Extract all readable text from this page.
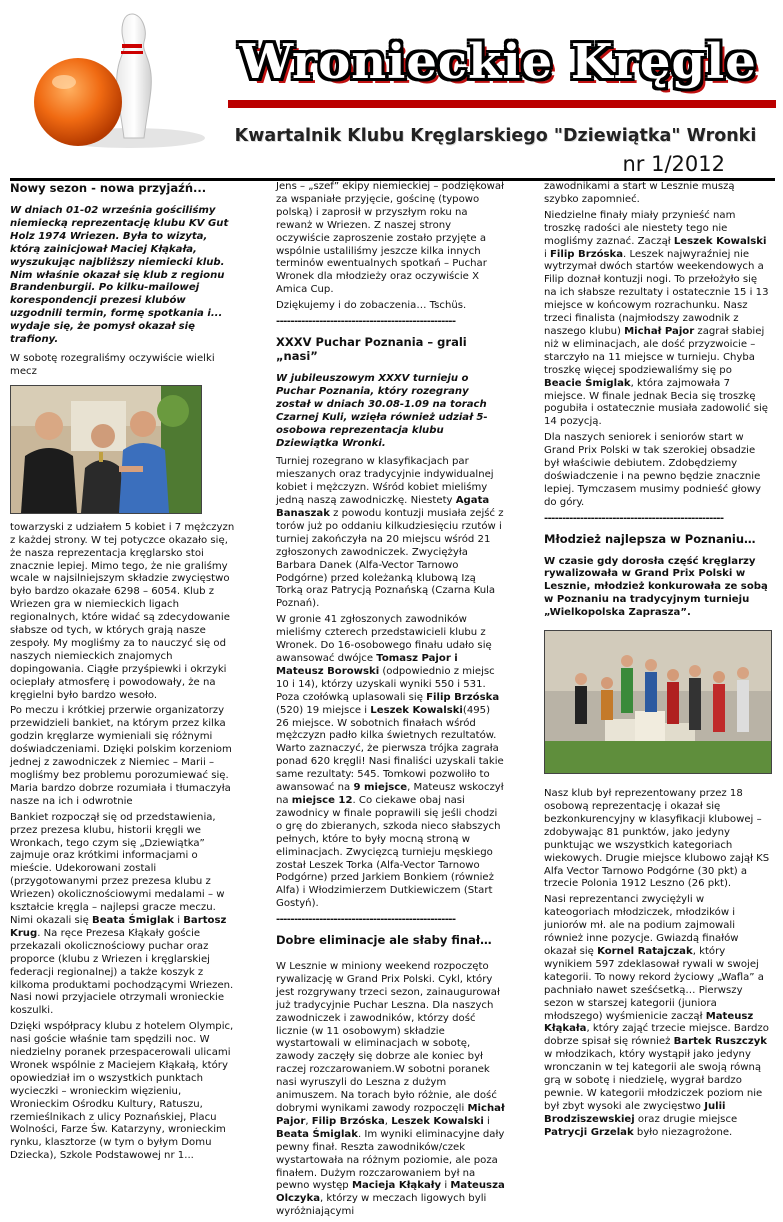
Wronieckie Kręgle
Kwartalnik Klubu Kręglarskiego "Dziewiątka" Wronki
nr 1/2012
Nowy sezon - nowa przyjaźń...

W dniach 01-02 września gościliśmy niemiecką reprezentację klubu KV Gut Holz 1974 Wriezen. Była to wizyta, którą zainicjował Maciej Kłąkała, wyszukując najbliższy niemiecki klub. Nim właśnie okazał się klub z regionu Brandenburgii. Po kilku-mailowej korespondencji prezesi klubów uzgodnili termin, formę spotkania i... wydaje się, że pomysł okazał się trafiony.

W sobotę rozegraliśmy oczywiście wielki mecz

towarzyski z udziałem 5 kobiet i 7 mężczyzn z każdej strony. W tej potyczce okazało się, że nasza reprezentacja kręglarsko stoi znacznie lepiej. Mimo tego, że nie graliśmy wcale w najsilniejszym składzie zwycięstwo było bardzo okazałe 6298 – 6054. Klub z Wriezen gra w niemieckich ligach regionalnych, które widać są zdecydowanie słabsze od tych, w których grają nasze zespoły. My mogliśmy za to nauczyć się od naszych niemieckich znajomych dopingowania. Ciągłe przyśpiewki i okrzyki ocieplały atmosferę i powodowały, że na kręgielni było bardzo wesoło.

Po meczu i krótkiej przerwie organizatorzy przewidzieli bankiet, na którym przez kilka godzin kręglarze wymieniali się różnymi doświadczeniami. Dzięki polskim korzeniom jednej z zawodniczek z Niemiec – Marii – mogliśmy bez problemu porozumiewać się. Maria bardzo dobrze rozumiała i tłumaczyła nasze na ich i odwrotnie

Bankiet rozpoczął się od przedstawienia, przez prezesa klubu, historii kręgli we Wronkach, tego czym się „Dziewiątka” zajmuje oraz krótkimi informacjami o mieście. Udekorowani zostali (przygotowanymi przez prezesa klubu z Wriezen) okolicznościowymi medalami – w kształcie kręgla – najlepsi gracze meczu. Nimi okazali się Beata Śmiglak i Bartosz Krug. Na ręce Prezesa Kłąkały goście przekazali okolicznościowy puchar oraz proporce (klubu z Wriezen i kręglarskiej federacji regionalnej) a także koszyk z kilkoma produktami pochodzącymi Wriezen. Nasi nowi przyjaciele otrzymali wronieckie koszulki.

Dzięki współpracy klubu z hotelem Olympic, nasi goście właśnie tam spędzili noc. W niedzielny poranek przespacerowali ulicami Wronek wspólnie z Maciejem Kłąkałą, który opowiedział im o wszystkich punktach wycieczki – wronieckim więzieniu, Wronieckim Ośrodku Kultury, Ratuszu, rzemieślnikach z ulicy Poznańskiej, Placu Wolności, Farze Św. Katarzyny, wronieckim rynku, klasztorze (w tym o byłym Domu Dziecka), Szkole Podstawowej nr 1...

Jens – „szef” ekipy niemieckiej – podziękował za wspaniałe przyjęcie, gościnę (typowo polską) i zaprosił w przyszłym roku na rewanż w Wriezen. Z naszej strony oczywiście zaproszenie zostało przyjęte a wspólnie ustaliliśmy jeszcze kilka innych terminów ewentualnych spotkań – Puchar Wronek dla młodzieży oraz oczywiście X Amica Cup.

Dziękujemy i do zobaczenia… Tschüs.

--------------------------------------------------
XXXV Puchar Poznania – grali „nasi”

W jubileuszowym XXXV turnieju o Puchar Poznania, który rozegrany został w dniach 30.08-1.09 na torach Czarnej Kuli, wzięła również udział 5-osobowa reprezentacja klubu Dziewiątka Wronki.

Turniej rozegrano w klasyfikacjach par mieszanych oraz tradycyjnie indywidualnej kobiet i mężczyzn. Wśród kobiet mieliśmy jedną naszą zawodniczkę. Niestety Agata Banaszak z powodu kontuzji musiała zejść z torów już po oddaniu kilkudziesięciu rzutów i turniej zakończyła na 20 miejscu wśród 21 zgłoszonych zawodniczek. Zwyciężyła Barbara Danek (Alfa-Vector Tarnowo Podgórne) przed koleżanką klubową Izą Torką oraz Patrycją Poznańską (Czarna Kula Poznań).

W gronie 41 zgłoszonych zawodników mieliśmy czterech przedstawicieli klubu z Wronek. Do 16-osobowego finału udało się awansować dwójce Tomasz Pajor i Mateusz Borowski (odpowiednio z miejsc 10 i 14), którzy uzyskali wyniki 550 i 531. Poza czołówką uplasowali się Filip Brzóska (520) 19 miejsce i Leszek Kowalski(495) 26 miejsce. W sobotnich finałach wśród mężczyzn padło kilka świetnych rezultatów. Warto zaznaczyć, że pierwsza trójka zagrała ponad 620 kręgli! Nasi finaliści uzyskali takie same rezultaty: 545. Tomkowi pozwoliło to awansować na 9 miejsce, Mateusz wskoczył na miejsce 12. Co ciekawe obaj nasi zawodnicy w finale poprawili się jeśli chodzi o grę do zbieranych, szkoda nieco słabszych pełnych, które to były mocną stroną w eliminacjach. Zwycięzcą turnieju męskiego został Leszek Torka (Alfa-Vector Tarnowo Podgórne) przed Jarkiem Bonkiem (również Alfa) i Włodzimierzem Dutkiewiczem (Start Gostyń).

--------------------------------------------------
Dobre eliminacje ale słaby finał…

W Lesznie w miniony weekend rozpoczęto rywalizację w Grand Prix Polski. Cykl, który jest rozgrywany trzeci sezon, zainaugurował już tradycyjnie Puchar Leszna. Dla naszych zawodniczek i zawodników, którzy dość licznie (w 11 osobowym) składzie wystartowali w eliminacjach w sobotę, zawody zaczęły się dobrze ale koniec był raczej rozczarowaniem.W sobotni poranek nasi wyruszyli do Leszna z dużym animuszem. Na torach było różnie, ale dość dobrymi wynikami zawody rozpoczęli Michał Pajor, Filip Brzóska, Leszek Kowalski i Beata Śmiglak. Im wyniki eliminacyjne dały pewny finał. Reszta zawodników/czek wystartowała na różnym poziomie, ale poza finałem. Dużym rozczarowaniem był na pewno występ Macieja Kłąkały i Mateusza Olczyka, którzy w meczach ligowych byli wyróżniającymi

zawodnikami a start w Lesznie muszą szybko zapomnieć.

Niedzielne finały miały przynieść nam troszkę radości ale niestety tego nie mogliśmy zaznać. Zaczął Leszek Kowalski i Filip Brzóska. Leszek najwyraźniej nie wytrzymał dwóch startów weekendowych a Filip doznał kontuzji nogi. To przełożyło się na ich słabsze rezultaty i ostatecznie 15 i 13 miejsce w końcowym rozrachunku. Nasz trzeci finalista (najmłodszy zawodnik z naszego klubu) Michał Pajor zagrał słabiej niż w eliminacjach, ale dość przyzwoicie – starczyło na 11 miejsce w turnieju. Chyba troszkę więcej spodziewaliśmy się po Beacie Śmiglak, która zajmowała 7 miejsce. W finale jednak Becia się troszkę pogubiła i ostatecznie musiała zadowolić się 14 pozycją.

Dla naszych seniorek i seniorów start w Grand Prix Polski w tak szerokiej obsadzie był właściwie debiutem. Zdobędziemy doświadczenie i na pewno będzie znacznie lepiej. Tymczasem musimy podnieść głowy do góry.

--------------------------------------------------
Młodzież najlepsza w Poznaniu…

W czasie gdy dorosła część kręglarzy rywalizowała w Grand Prix Polski w Lesznie, młodzież konkurowała ze sobą w Poznaniu na tradycyjnym turnieju „Wielkopolska Zapraszа”.

Nasz klub był reprezentowany przez 18 osobową reprezentację i okazał się bezkonkurencyjny w klasyfikacji klubowej – zdobywając 81 punktów, jako jedyny punktując we wszystkich kategoriach wiekowych. Drugie miejsce klubowo zajął KS Alfa Vector Tarnowo Podgórne (30 pkt) a trzecie Polonia 1912 Leszno (26 pkt).

Nasi reprezentanci zwyciężyli w kateogoriach młodziczek, młodzików i juniorów mł. ale na podium zajmowali również inne pozycje. Gwiazdą finałów okazał się Kornel Ratajczak, który wynikiem 597 zdeklasował rywali w swojej kategorii. To nowy rekord życiowy „Wafla” a pachniało nawet sześćsetką… Pierwszy sezon w starszej kategorii (juniora młodszego) wyśmienicie zaczął Mateusz Kłąkała, który zająć trzecie miejsce. Bardzo dobrze spisał się również Bartek Ruszczyk w młodzikach, który wystąpił jako jedyny wronczanin w tej kategorii ale swoją równą grą w sobotę i niedzielę, wygrał bardzo pewnie. W kategorii młodziczek poziom nie był zbyt wysoki ale zwycięstwo Julii Brodziszewskiej oraz drugie miejsce Patrycji Grzelak było niezagrożone.
